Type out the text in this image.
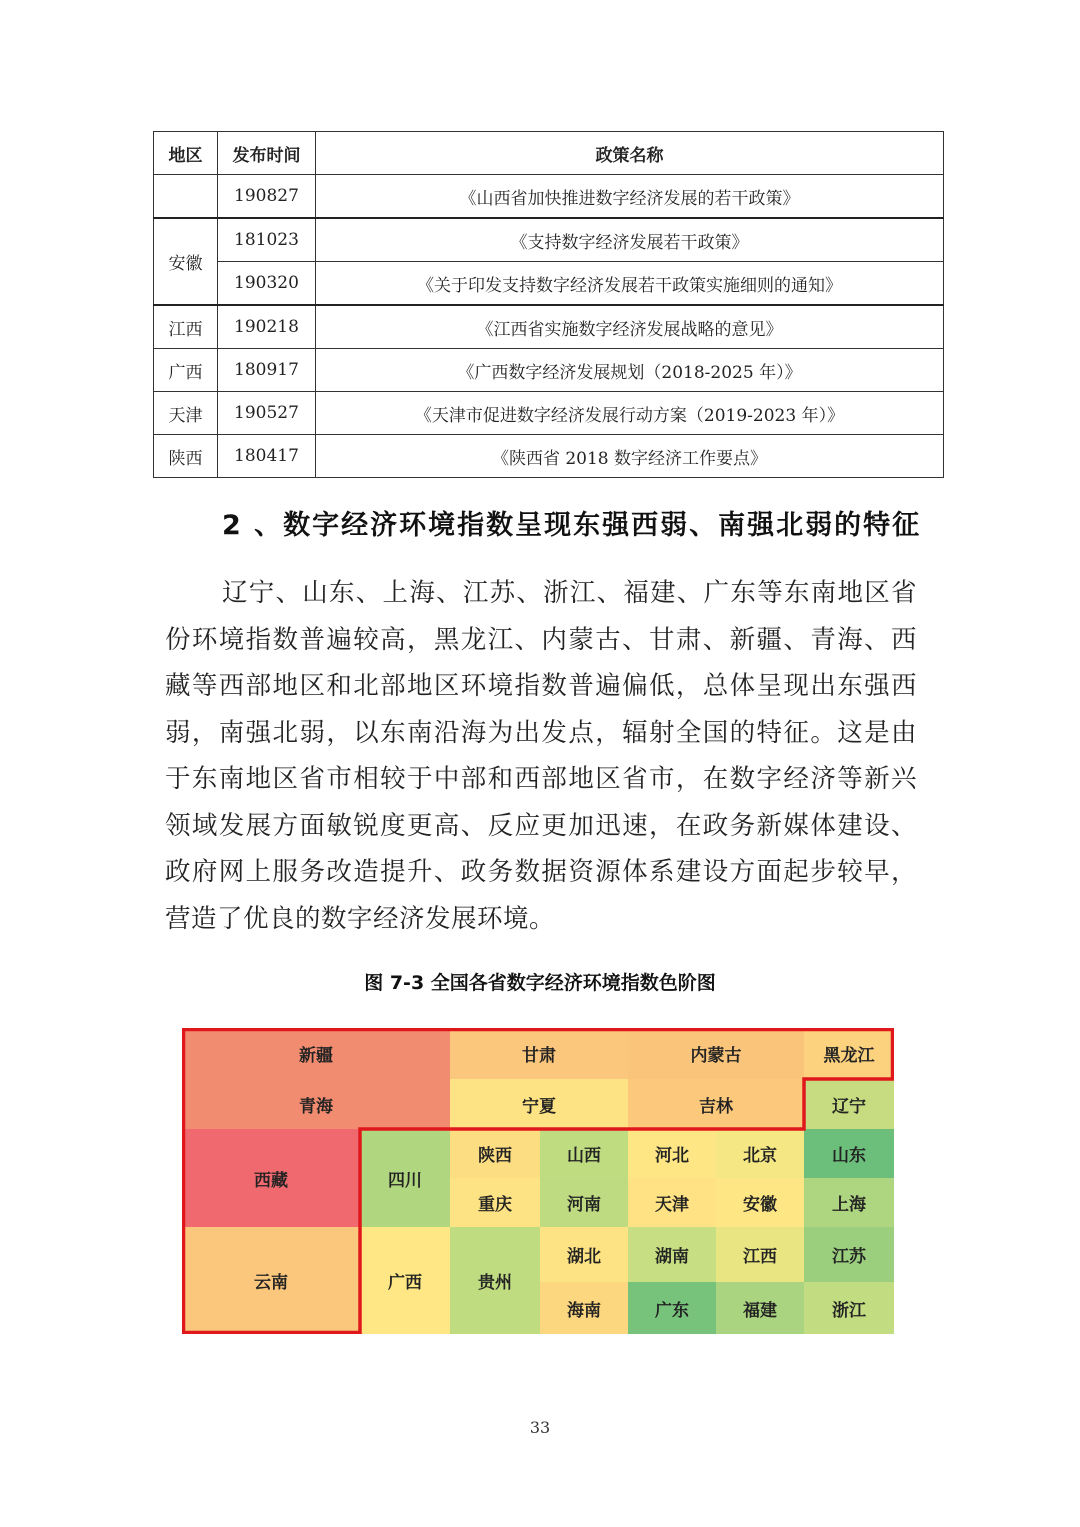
地区	发布时间	政策名称
	190827	《山西省加快推进数字经济发展的若干政策》
安徽	181023	《支持数字经济发展若干政策》
	190320	《关于印发支持数字经济发展若干政策实施细则的通知》
江西	190218	《江西省实施数字经济发展战略的意见》
广西	180917	《广西数字经济发展规划（2018-2025 年）》
天津	190527	《天津市促进数字经济发展行动方案（2019-2023 年）》
陕西	180417	《陕西省 2018 数字经济工作要点》
2 、数字经济环境指数呈现东强西弱、南强北弱的特征

辽宁、山东、上海、江苏、浙江、福建、广东等东南地区省份环境指数普遍较高，黑龙江、内蒙古、甘肃、新疆、青海、西藏等西部地区和北部地区环境指数普遍偏低，总体呈现出东强西弱，南强北弱，以东南沿海为出发点，辐射全国的特征。这是由于东南地区省市相较于中部和西部地区省市，在数字经济等新兴领域发展方面敏锐度更高、反应更加迅速，在政务新媒体建设、政府网上服务改造提升、政务数据资源体系建设方面起步较早，营造了优良的数字经济发展环境。

图 7-3 全国各省数字经济环境指数色阶图

新疆	甘肃	内蒙古	黑龙江
青海	宁夏	吉林	辽宁
西藏	四川
陕西	山西	河北	北京	山东
重庆	河南	天津	安徽	上海
云南	广西	贵州
湖北	湖南	江西	江苏
海南	广东	福建	浙江

33
